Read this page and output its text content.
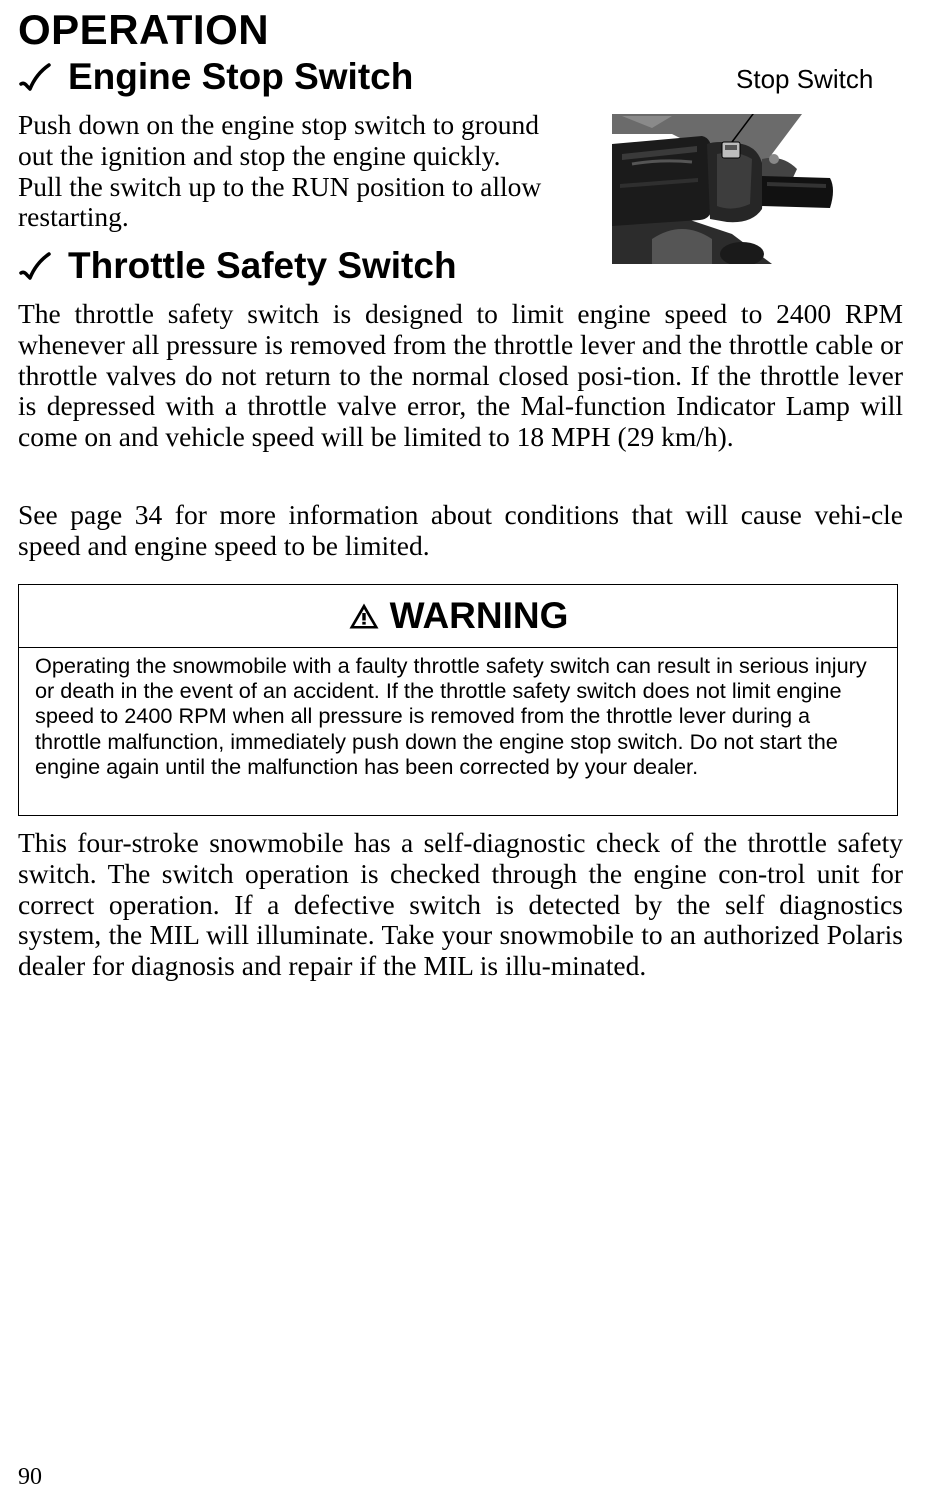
OPERATION
Engine Stop Switch

Push down on the engine stop switch to ground out the ignition and stop the engine quickly. Pull the switch up to the RUN position to allow restarting.

Stop Switch
Throttle Safety Switch

The throttle safety switch is designed to limit engine speed to 2400 RPM whenever all pressure is removed from the throttle lever and the throttle cable or throttle valves do not return to the normal closed posi-tion. If the throttle lever is depressed with a throttle valve error, the Mal-function Indicator Lamp will come on and vehicle speed will be limited to 18 MPH (29 km/h).

See page 34 for more information about conditions that will cause vehi-cle speed and engine speed to be limited.

WARNING

Operating the snowmobile with a faulty throttle safety switch can result in serious injury or death in the event of an accident. If the throttle safety switch does not limit engine speed to 2400 RPM when all pressure is removed from the throttle lever during a throttle malfunction, immediately push down the engine stop switch. Do not start the engine again until the malfunction has been corrected by your dealer.

This four-stroke snowmobile has a self-diagnostic check of the throttle safety switch. The switch operation is checked through the engine con-trol unit for correct operation. If a defective switch is detected by the self diagnostics system, the MIL will illuminate. Take your snowmobile to an authorized Polaris dealer for diagnosis and repair if the MIL is illu-minated.

90
